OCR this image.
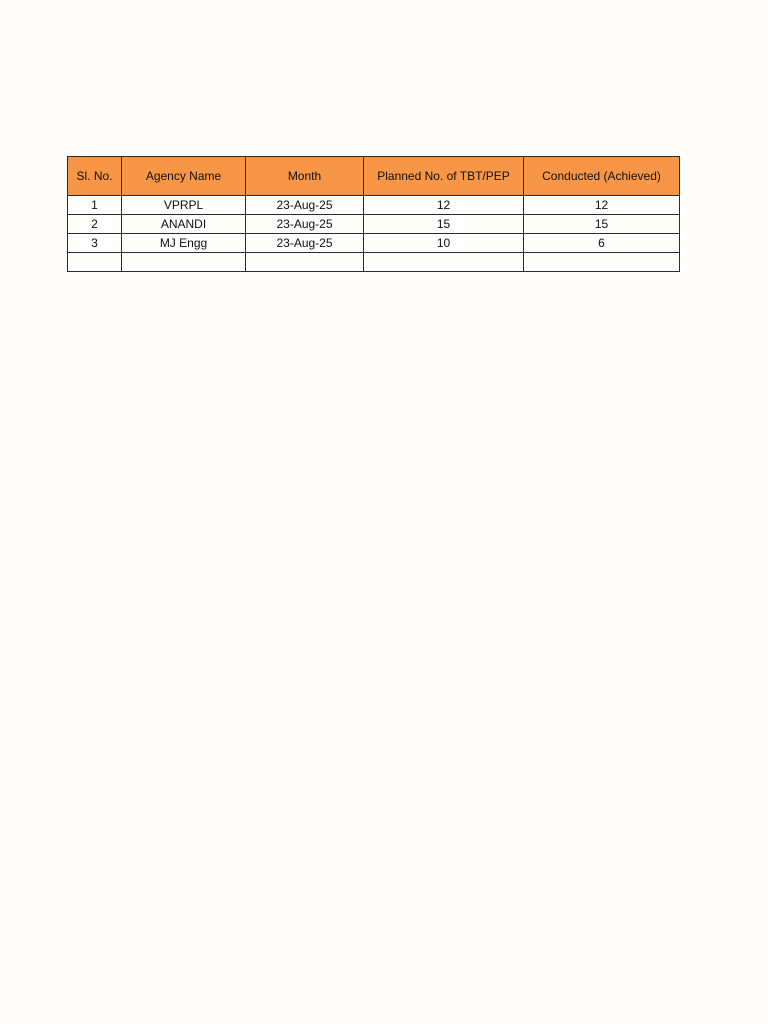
Sl. No.	Agency Name	Month	Planned No. of TBT/PEP	Conducted (Achieved)
1	VPRPL	23-Aug-25	12	12
2	ANANDI	23-Aug-25	15	15
3	MJ Engg	23-Aug-25	10	6
